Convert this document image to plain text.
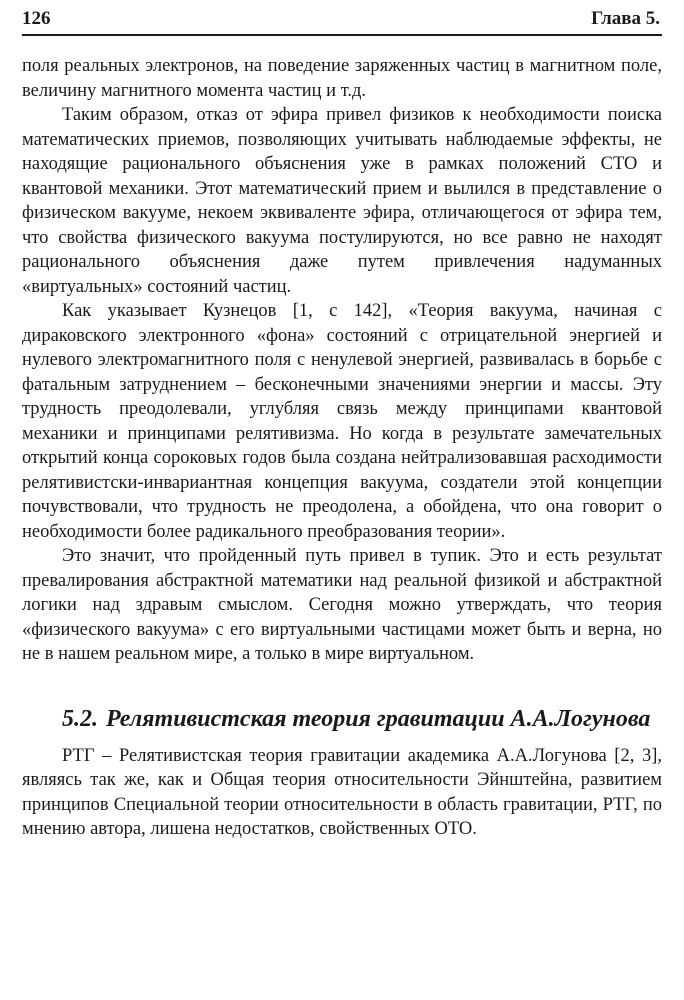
126	Глава 5.

поля реальных электронов, на поведение заряженных частиц в магнитном поле, величину магнитного момента частиц и т.д.

Таким образом, отказ от эфира привел физиков к необходимости поиска математических приемов, позволяющих учитывать наблюдаемые эффекты, не находящие рационального объяснения уже в рамках положений СТО и квантовой механики. Этот математический прием и вылился в представление о физическом вакууме, некоем эквиваленте эфира, отличающегося от эфира тем, что свойства физического вакуума постулируются, но все равно не находят рационального объяснения даже путем привлечения надуманных «виртуальных» состояний частиц.

Как указывает Кузнецов [1, с 142], «Теория вакуума, начиная с дираковского электронного «фона» состояний с отрицательной энергией и нулевого электромагнитного поля с ненулевой энергией, развивалась в борьбе с фатальным затруднением – бесконечными значениями энергии и массы. Эту трудность преодолевали, углубляя связь между принципами квантовой механики и принципами релятивизма. Но когда в результате замечательных открытий конца сороковых годов была создана нейтрализовавшая расходимости релятивистски-инвариантная концепция вакуума, создатели этой концепции почувствовали, что трудность не преодолена, а обойдена, что она говорит о необходимости более радикального преобразования теории».

Это значит, что пройденный путь привел в тупик. Это и есть результат превалирования абстрактной математики над реальной физикой и абстрактной логики над здравым смыслом. Сегодня можно утверждать, что теория «физического вакуума» с его виртуальными частицами может быть и верна, но не в нашем реальном мире, а только в мире виртуальном.

5.2. Релятивистская теория гравитации А.А.Логунова

РТГ – Релятивистская теория гравитации академика А.А.Логунова [2, 3], являясь так же, как и Общая теория относительности Эйнштейна, развитием принципов Специальной теории относительности в область гравитации, РТГ, по мнению автора, лишена недостатков, свойственных ОТО.
